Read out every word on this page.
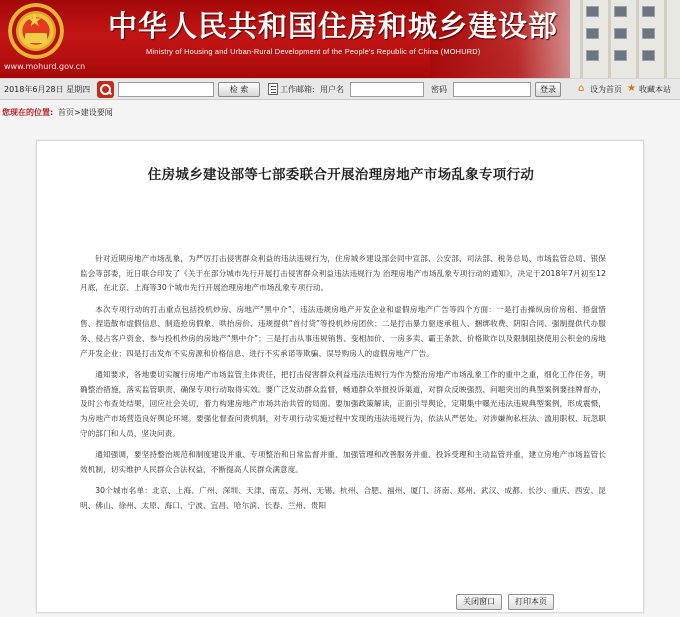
★
www.mohurd.gov.cn
中华人民共和国住房和城乡建设部
Ministry of Housing and Urban-Rural Development of the People's Republic of China (MOHURD)
2018年6月28日 星期四	检 索	工作邮箱: 用户名	密码	登录	⌂ 设为首页 ★ 收藏本站
您现在的位置: 首页>建设要闻
住房城乡建设部等七部委联合开展治理房地产市场乱象专项行动

针对近期房地产市场乱象，为严厉打击侵害群众利益的违法违规行为，住房城乡建设部会同中宣部、公安部、司法部、税务总局、市场监管总局、银保监会等部委，近日联合印发了《关于在部分城市先行开展打击侵害群众利益违法违规行为 治理房地产市场乱象专项行动的通知》，决定于2018年7月初至12月底，在北京、上海等30个城市先行开展治理房地产市场乱象专项行动。

本次专项行动的打击重点包括投机炒房、房地产“黑中介”、违法违规房地产开发企业和虚假房地产广告等四个方面：一是打击操纵房价房租、捂盘惜售、捏造散布虚假信息、制造抢房假象、哄抬房价、违规提供“首付贷”等投机炒房团伙；二是打击暴力驱逐承租人、捆绑收费、阴阳合同、强制提供代办服务、侵占客户资金、参与投机炒房的房地产“黑中介”；三是打击从事违规销售、变相加价、一房多卖、霸王条款、价格欺诈以及限制阻挠使用公积金的房地产开发企业；四是打击发布不实房源和价格信息、进行不实承诺等欺骗、误导购房人的虚假房地产广告。

通知要求，各地要切实履行房地产市场监管主体责任，把打击侵害群众利益违法违规行为作为整治房地产市场乱象工作的重中之重，细化工作任务，明确整治措施，落实监管职责，确保专项行动取得实效。要广泛发动群众监督，畅通群众举报投诉渠道，对群众反映强烈、问题突出的典型案例要挂牌督办，及时公布查处结果，回应社会关切，着力构建房地产市场共治共管的局面。要加强政策解读，正面引导舆论，定期集中曝光违法违规典型案例，形成震慑，为房地产市场营造良好舆论环境。要强化督查问责机制，对专项行动实施过程中发现的违法违规行为，依法从严惩处。对涉嫌徇私枉法、滥用职权、玩忽职守的部门和人员，坚决问责。

通知强调，要坚持整治规范和制度建设并重、专项整治和日常监督并重、加强管理和改善服务并重、投诉受理和主动监管并重，建立房地产市场监管长效机制，切实维护人民群众合法权益，不断提高人民群众满意度。

30个城市名单：北京、上海、广州、深圳、天津、南京、苏州、无锡、杭州、合肥、福州、厦门、济南、郑州、武汉、成都、长沙、重庆、西安、昆明、佛山、徐州、太原、海口、宁波、宜昌、哈尔滨、长春、兰州、贵阳

关闭窗口	打印本页
